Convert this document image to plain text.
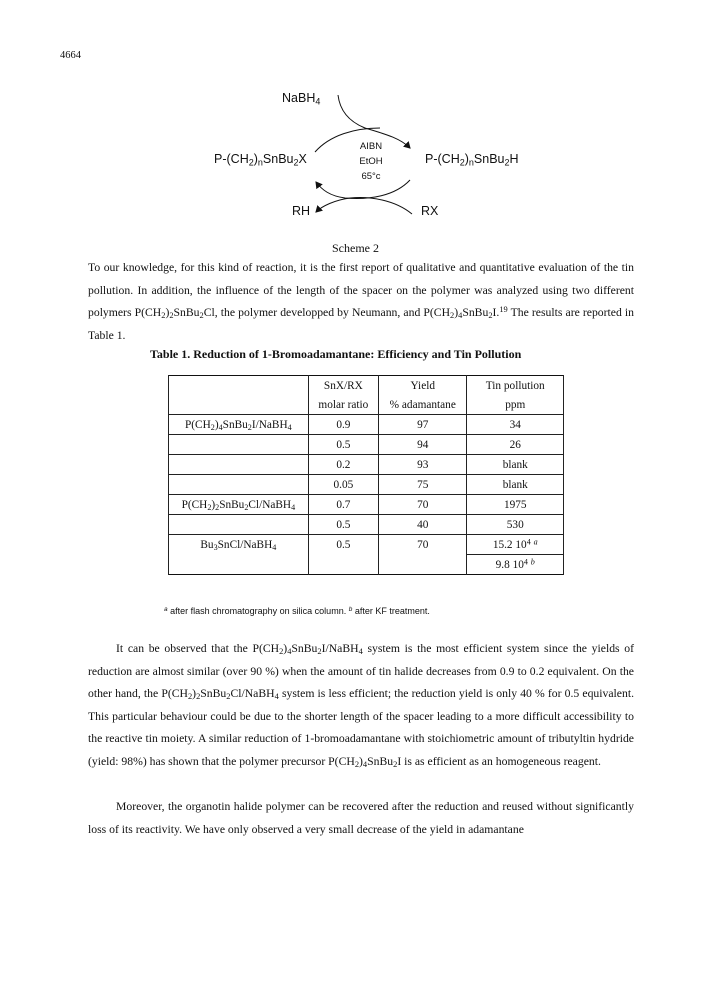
4664
NaBH$_4$
$P-(CH_2)_nSnBu_2X$	$P-(CH_2)_nSnBu_2H$
AIBN
EtOH
65°c
RH	RX
Scheme 2
To our knowledge, for this kind of reaction, it is the first report of qualitative and quantitative evaluation of the tin pollution. In addition, the influence of the length of the spacer on the polymer was analyzed using two different polymers $P(CH_2)_2SnBu_2Cl$, the polymer developped by Neumann, and $P(CH_2)_4SnBu_2I.^{19}$ The results are reported in Table 1.
Table 1. Reduction of 1-Bromoadamantane: Efficiency and Tin Pollution
	SnX/RX	Yield	Tin pollution
	molar ratio	% adamantane	ppm
$P(CH_2)_4SnBu_2I/NaBH_4$	0.9	97	34
	0.5	94	26
	0.2	93	blank
	0.05	75	blank
$P(CH_2)_2SnBu_2Cl/NaBH_4$	0.7	70	1975
	0.5	40	530
$Bu_3SnCl/NaBH_4$	0.5	70	15.2 $10^4$ $^a$
			9.8 $10^4$ $^b$
$^a$ after flash chromatography on silica column. $^b$ after KF treatment.
It can be observed that the $P(CH_2)_4SnBu_2I/NaBH_4$ system is the most efficient system since the yields of reduction are almost similar (over 90 %) when the amount of tin halide decreases from 0.9 to 0.2 equivalent. On the other hand, the $P(CH_2)_2SnBu_2Cl/NaBH_4$ system is less efficient; the reduction yield is only 40 % for 0.5 equivalent. This particular behaviour could be due to the shorter length of the spacer leading to a more difficult accessibility to the reactive tin moiety. A similar reduction of 1-bromoadamantane with stoichiometric amount of tributyltin hydride (yield: 98%) has shown that the polymer precursor $P(CH_2)_4SnBu_2I$ is as efficient as an homogeneous reagent.
Moreover, the organotin halide polymer can be recovered after the reduction and reused without significantly loss of its reactivity. We have only observed a very small decrease of the yield in adamantane
